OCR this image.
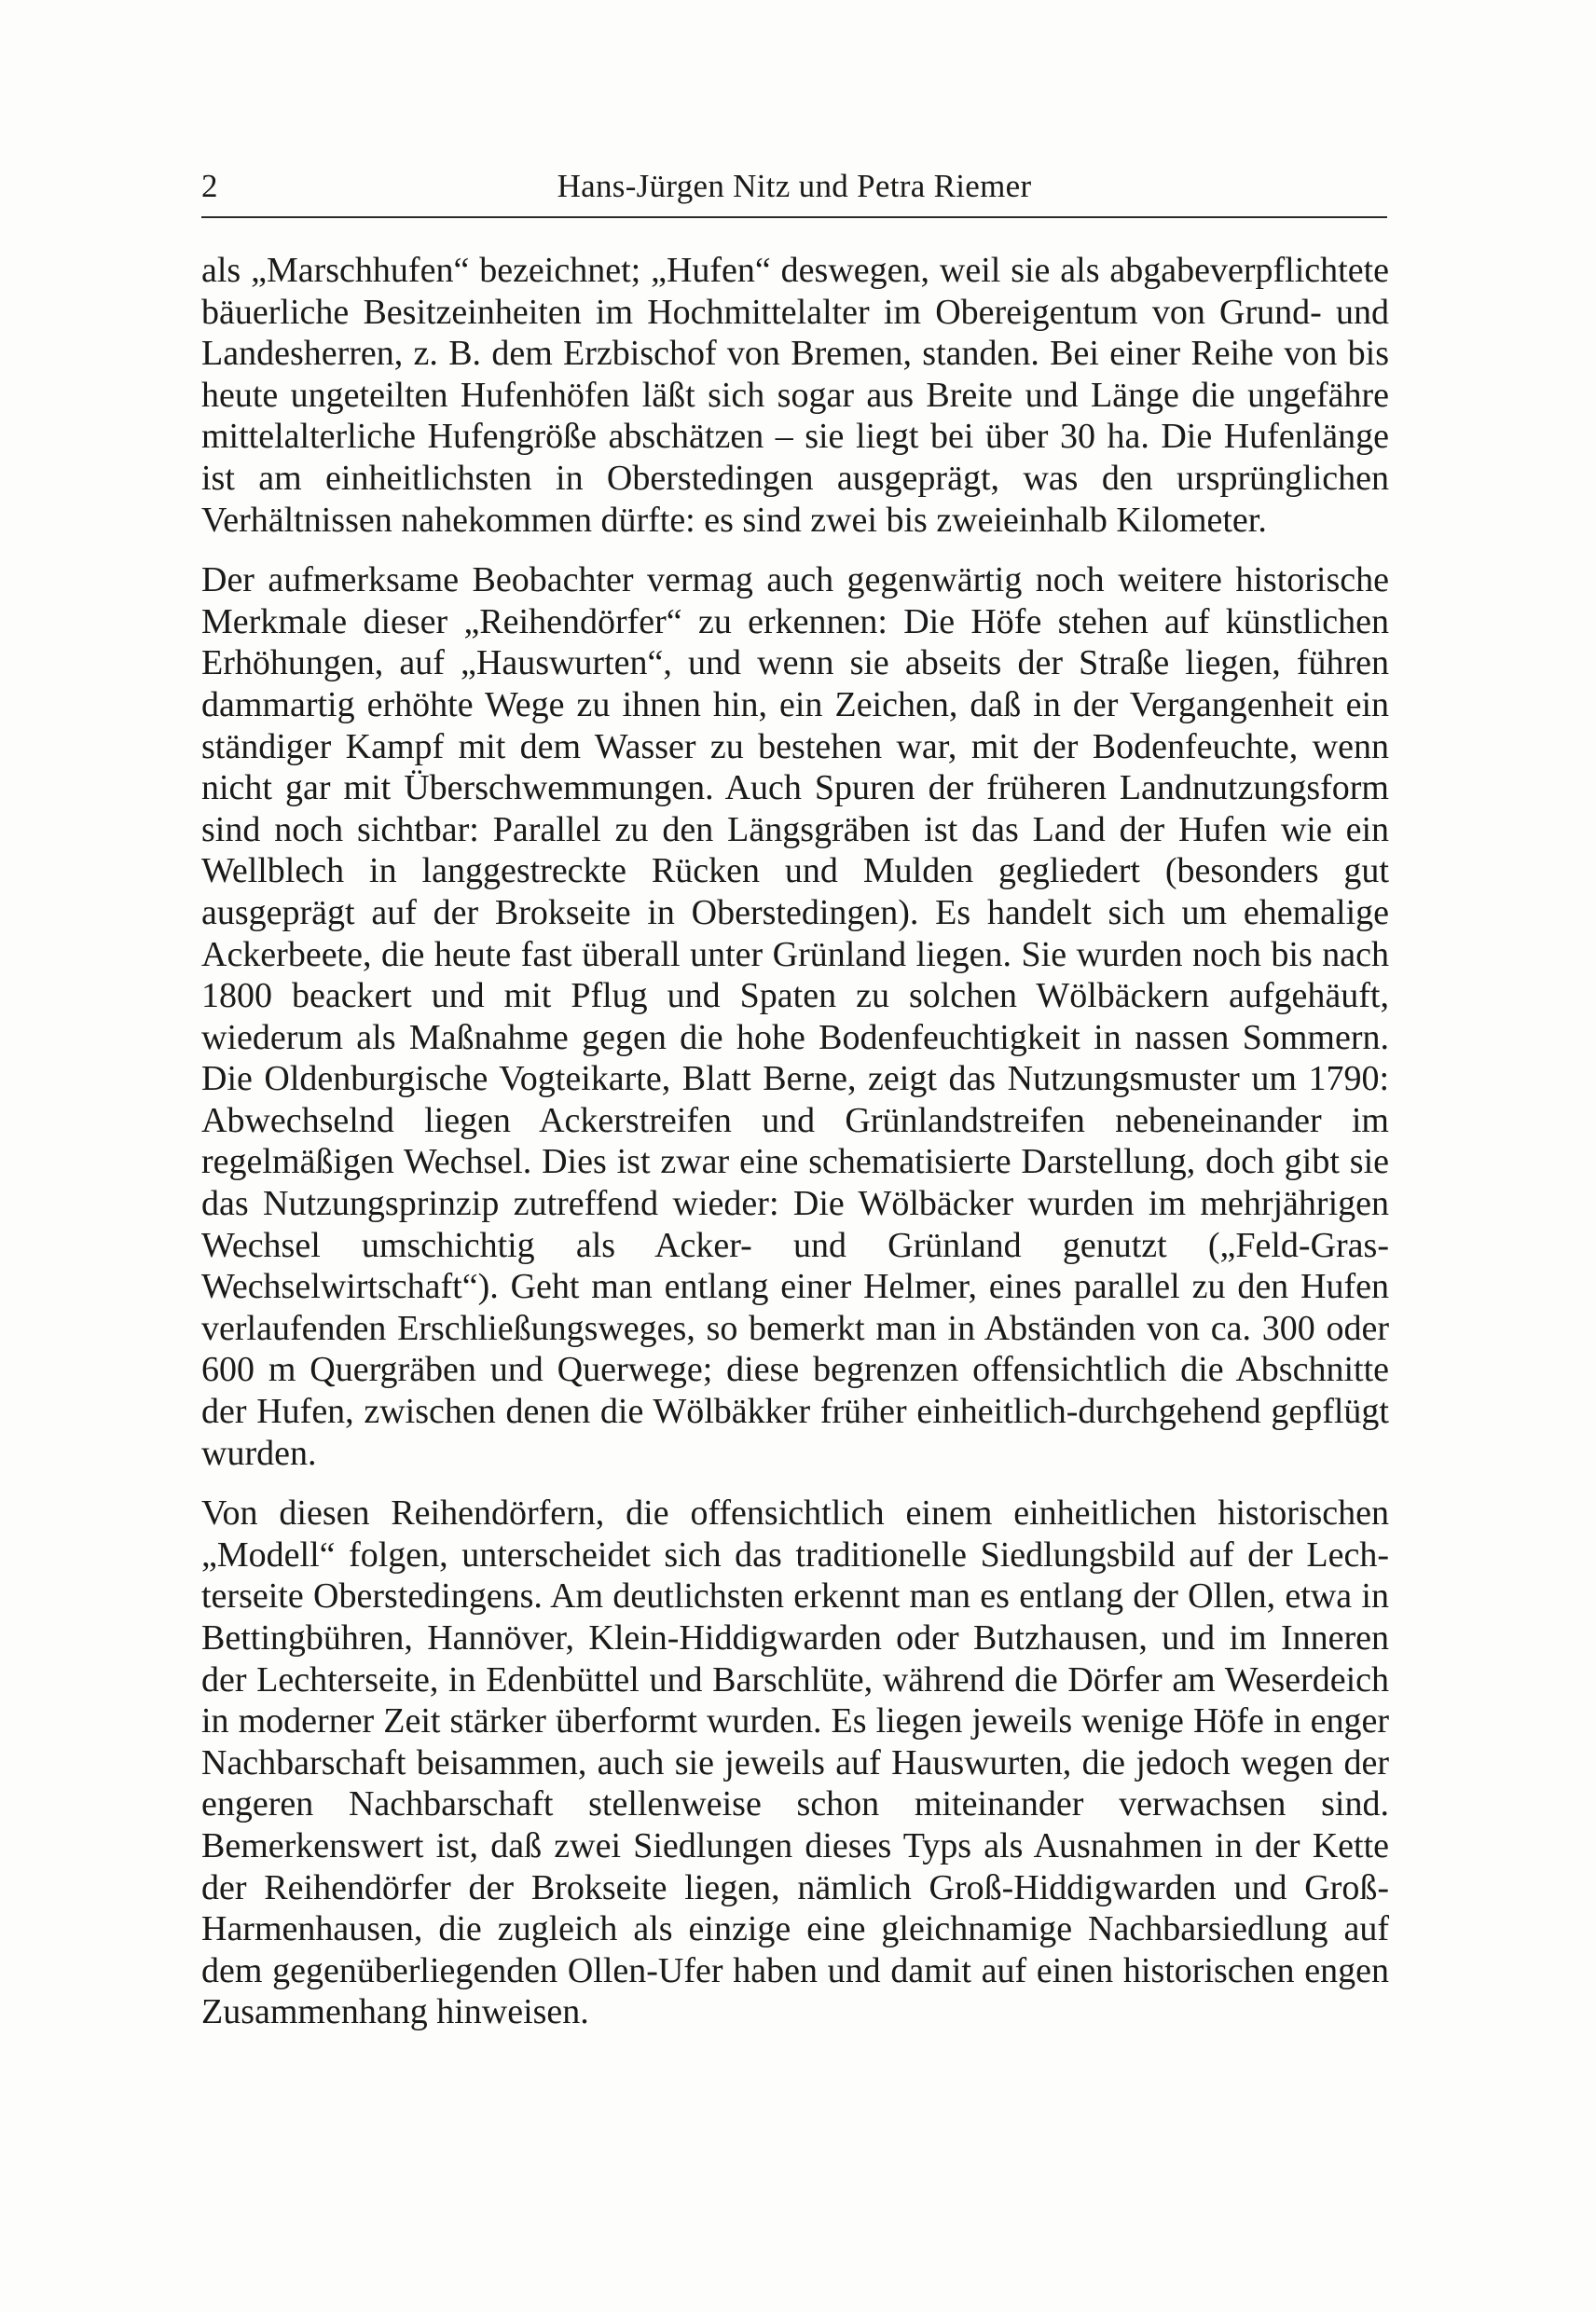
2	Hans-Jürgen Nitz und Petra Riemer

als „Marschhufen“ bezeichnet; „Hufen“ deswegen, weil sie als abgabeverpflichtete bäuerliche Besitzeinheiten im Hochmittelalter im Obereigentum von Grund- und Landesherren, z. B. dem Erzbischof von Bremen, standen. Bei einer Reihe von bis heute ungeteilten Hufenhöfen läßt sich sogar aus Breite und Länge die ungefähre mittelalterliche Hufengröße abschätzen – sie liegt bei über 30 ha. Die Hufenlänge ist am einheitlichsten in Oberstedingen ausgeprägt, was den ursprünglichen Verhältnissen nahekommen dürfte: es sind zwei bis zweieinhalb Kilometer.

Der aufmerksame Beobachter vermag auch gegenwärtig noch weitere historische Merkmale dieser „Reihendörfer“ zu erkennen: Die Höfe stehen auf künstlichen Erhöhungen, auf „Hauswurten“, und wenn sie abseits der Straße liegen, führen dammartig erhöhte Wege zu ihnen hin, ein Zeichen, daß in der Vergangenheit ein ständiger Kampf mit dem Wasser zu bestehen war, mit der Bodenfeuchte, wenn nicht gar mit Überschwemmungen. Auch Spuren der früheren Landnutzungsform sind noch sichtbar: Parallel zu den Längsgräben ist das Land der Hufen wie ein Wellblech in langgestreckte Rücken und Mulden gegliedert (besonders gut ausgeprägt auf der Brokseite in Oberstedingen). Es handelt sich um ehemalige Ackerbeete, die heute fast überall unter Grünland liegen. Sie wurden noch bis nach 1800 beackert und mit Pflug und Spaten zu solchen Wölbäckern aufgehäuft, wiederum als Maßnahme gegen die hohe Bodenfeuchtigkeit in nassen Sommern. Die Oldenburgische Vogteikarte, Blatt Berne, zeigt das Nutzungsmuster um 1790: Abwechselnd liegen Ackerstreifen und Grünlandstreifen nebeneinander im regelmäßigen Wechsel. Dies ist zwar eine schematisierte Darstellung, doch gibt sie das Nutzungsprinzip zutreffend wieder: Die Wölbäcker wurden im mehrjährigen Wechsel umschichtig als Acker- und Grünland genutzt („Feld-Gras-Wechselwirtschaft“). Geht man entlang einer Helmer, eines parallel zu den Hufen verlaufenden Erschließungsweges, so bemerkt man in Abständen von ca. 300 oder 600 m Quergräben und Querwege; diese begrenzen offensichtlich die Abschnitte der Hufen, zwischen denen die Wölbäkker früher einheitlich-durchgehend gepflügt wurden.

Von diesen Reihendörfern, die offensichtlich einem einheitlichen historischen „Modell“ folgen, unterscheidet sich das traditionelle Siedlungsbild auf der Lechterseite Oberstedingens. Am deutlichsten erkennt man es entlang der Ollen, etwa in Bettingbühren, Hannöver, Klein-Hiddigwarden oder Butzhausen, und im Inneren der Lechterseite, in Edenbüttel und Barschlüte, während die Dörfer am Weserdeich in moderner Zeit stärker überformt wurden. Es liegen jeweils wenige Höfe in enger Nachbarschaft beisammen, auch sie jeweils auf Hauswurten, die jedoch wegen der engeren Nachbarschaft stellenweise schon miteinander verwachsen sind. Bemerkenswert ist, daß zwei Siedlungen dieses Typs als Ausnahmen in der Kette der Reihendörfer der Brokseite liegen, nämlich Groß-Hiddigwarden und Groß-Harmenhausen, die zugleich als einzige eine gleichnamige Nachbarsiedlung auf dem gegenüberliegenden Ollen-Ufer haben und damit auf einen historischen engen Zusammenhang hinweisen.
